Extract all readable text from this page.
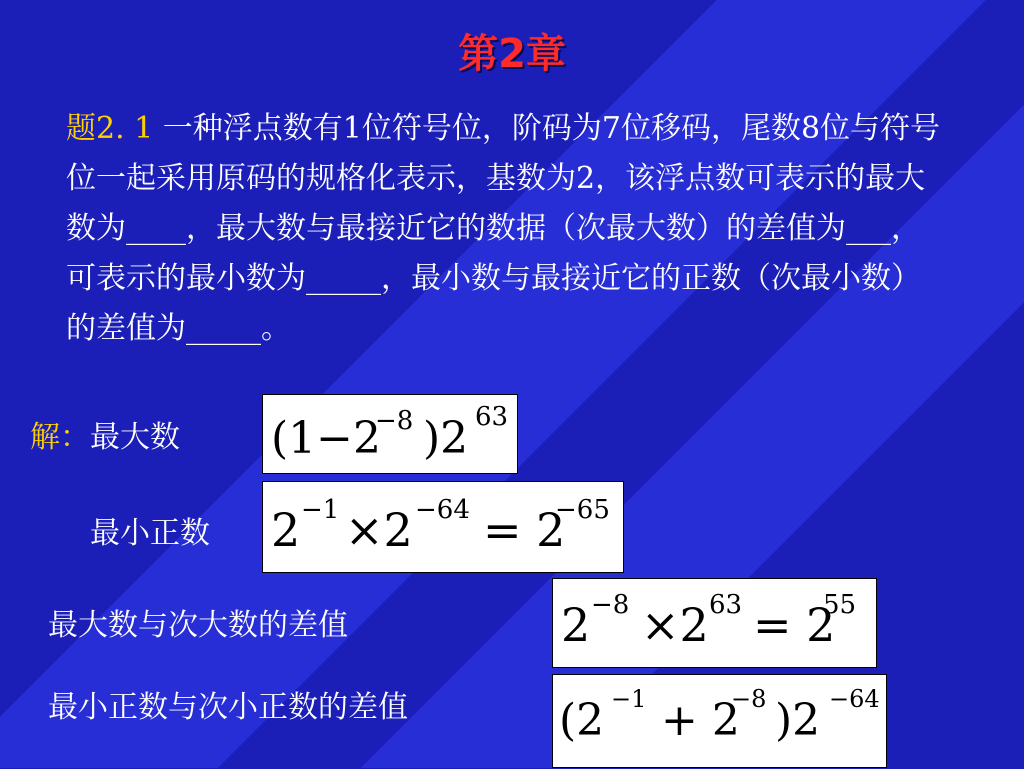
第2章
题2. 1 一种浮点数有1位符号位，阶码为7位移码，尾数8位与符号位一起采用原码的规格化表示，基数为2，该浮点数可表示的最大数为____，最大数与最接近它的数据（次最大数）的差值为___，可表示的最小数为_____，最小数与最接近它的正数（次最小数）的差值为_____。
解：最大数 (1−2
−8 )2 63
最小正数 2 −1 ×2 −64 = 2
−65
最大数与次大数的差值	2 −8 ×2 63 = 2
55
最小正数与次小正数的差值	(2 −1 + 2
−8 )2 −64
